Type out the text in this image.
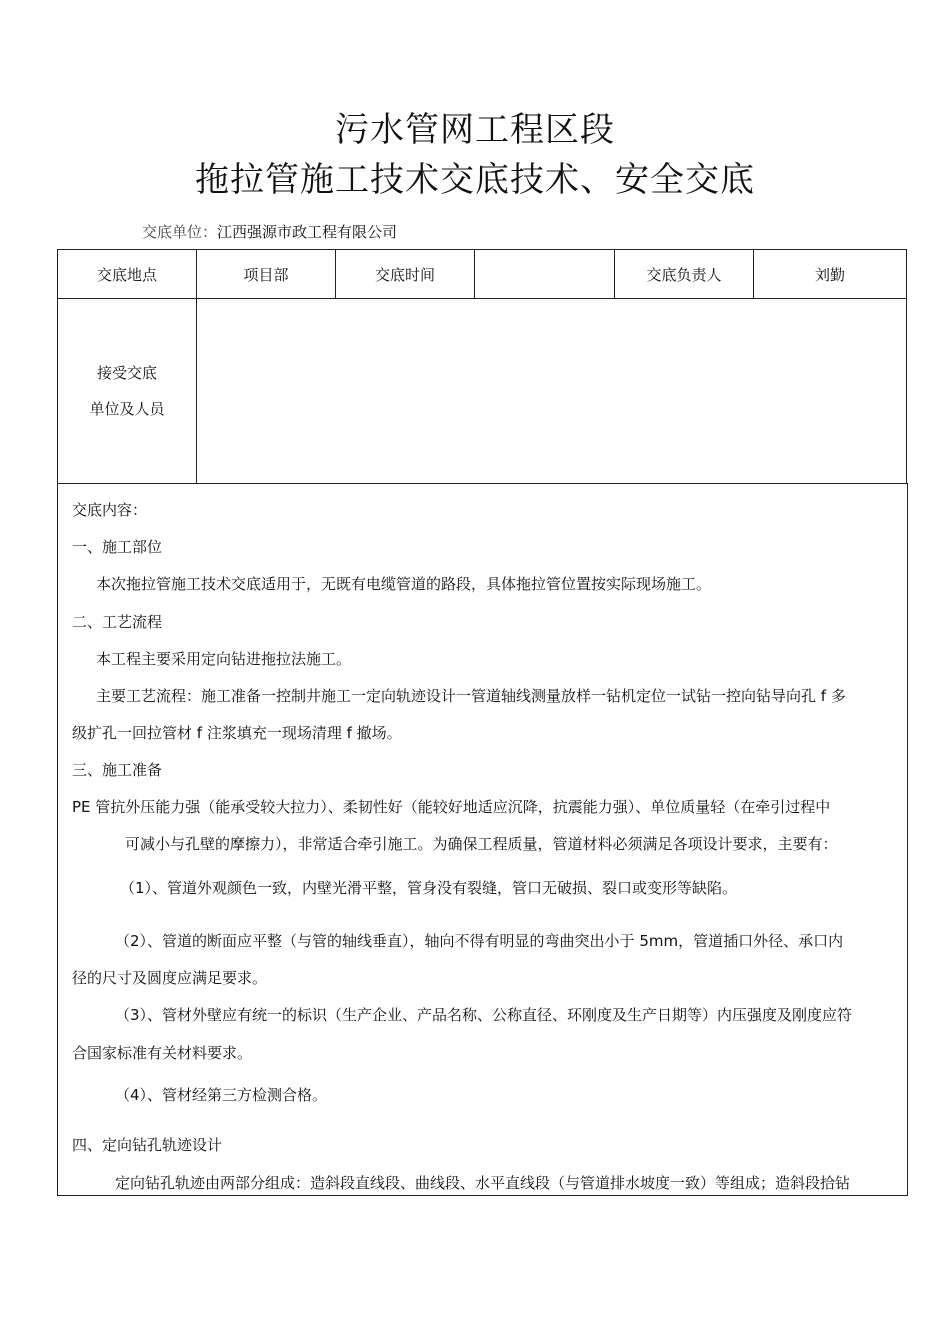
污水管网工程区段
拖拉管施工技术交底技术、安全交底
交底单位：江西强源市政工程有限公司
交底地点	项目部	交底时间		交底负责人	刘勤

接受交底
单位及人员					

交底内容：
一、施工部位
本次拖拉管施工技术交底适用于，无既有电缆管道的路段，具体拖拉管位置按实际现场施工。
二、工艺流程
本工程主要采用定向钻进拖拉法施工。
主要工艺流程：施工准备一控制井施工一定向轨迹设计一管道轴线测量放样一钻机定位一试钻一控向钻导向孔 f 多
级扩孔一回拉管材 f 注浆填充一现场清理 f 撤场。
三、施工准备
PE 管抗外压能力强（能承受较大拉力）、柔韧性好（能较好地适应沉降，抗震能力强）、单位质量轻（在牵引过程中
可减小与孔壁的摩擦力），非常适合牵引施工。为确保工程质量，管道材料必须满足各项设计要求，主要有：
（1）、管道外观颜色一致，内壁光滑平整，管身没有裂缝，管口无破损、裂口或变形等缺陷。
（2）、管道的断面应平整（与管的轴线垂直），轴向不得有明显的弯曲突出小于 5mm，管道插口外径、承口内
径的尺寸及圆度应满足要求。
（3）、管材外壁应有统一的标识（生产企业、产品名称、公称直径、环刚度及生产日期等）内压强度及刚度应符
合国家标准有关材料要求。
（4）、管材经第三方检测合格。
四、定向钻孔轨迹设计
定向钻孔轨迹由两部分组成：造斜段直线段、曲线段、水平直线段（与管道排水坡度一致）等组成；造斜段拾钻
